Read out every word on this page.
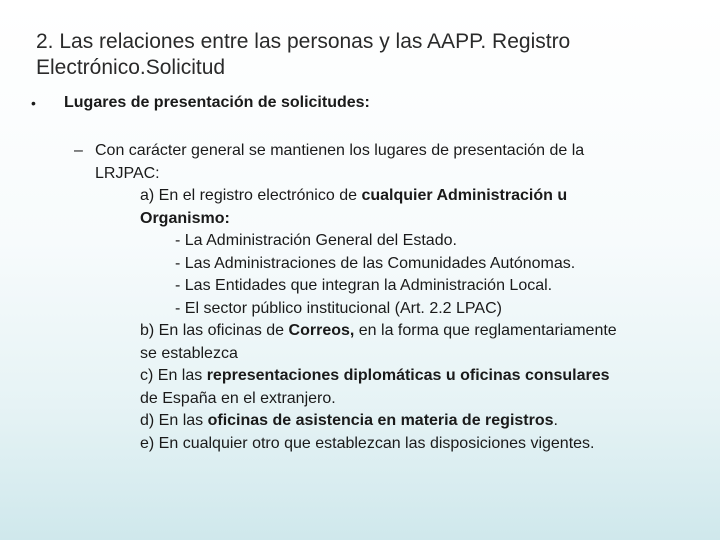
2. Las relaciones entre las personas y las AAPP. Registro
Electrónico.Solicitud
• Lugares de presentación de solicitudes:
– Con carácter general se mantienen los lugares de presentación de la
LRJPAC:
a) En el registro electrónico de cualquier Administración u
Organismo:
- La Administración General del Estado.
- Las Administraciones de las Comunidades Autónomas.
- Las Entidades que integran la Administración Local.
- El sector público institucional (Art. 2.2 LPAC)
b) En las oficinas de Correos, en la forma que reglamentariamente
se establezca
c) En las representaciones diplomáticas u oficinas consulares
de España en el extranjero.
d) En las oficinas de asistencia en materia de registros.
e) En cualquier otro que establezcan las disposiciones vigentes.
